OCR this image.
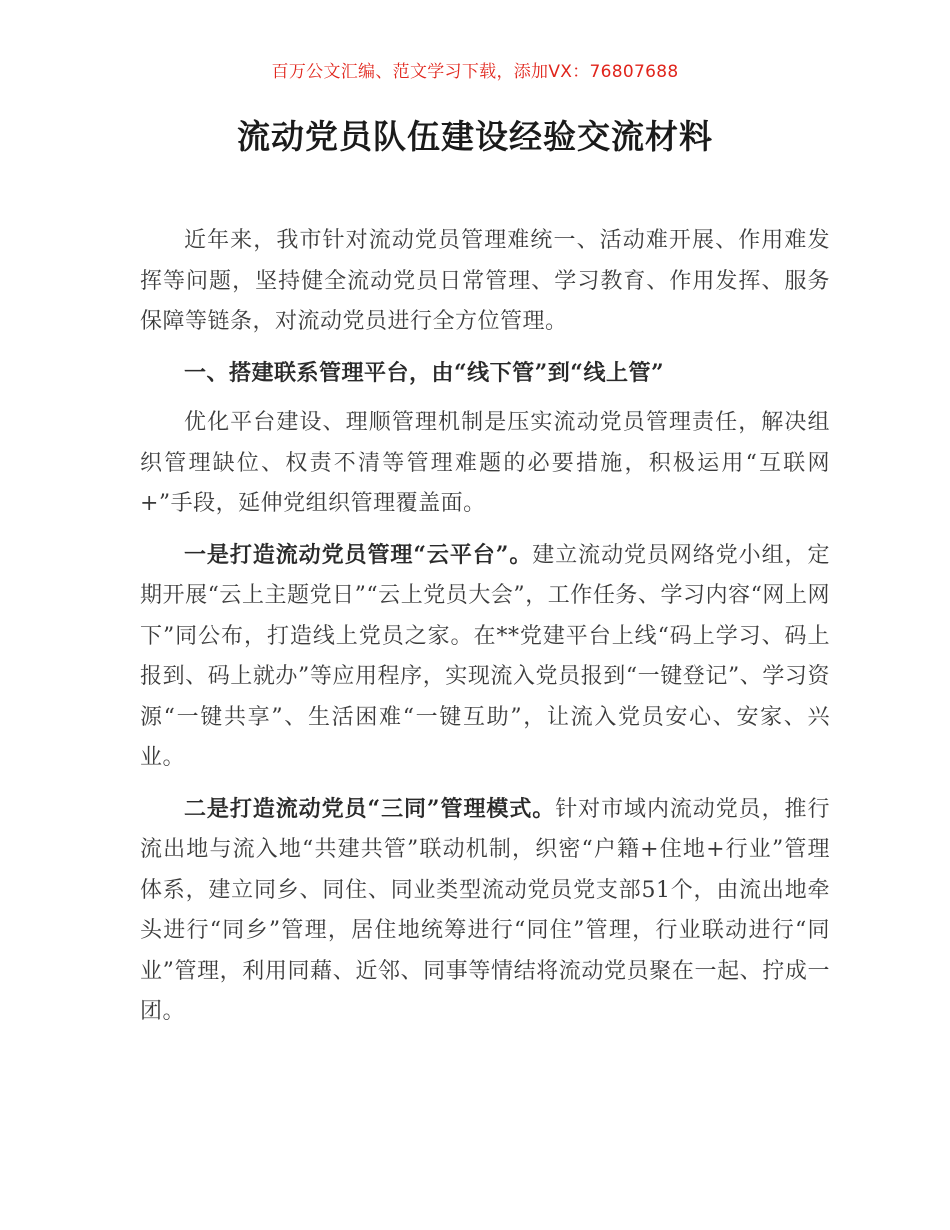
百万公文汇编、范文学习下载，添加VX：76807688
流动党员队伍建设经验交流材料

近年来，我市针对流动党员管理难统一、活动难开展、作用难发挥等问题，坚持健全流动党员日常管理、学习教育、作用发挥、服务保障等链条，对流动党员进行全方位管理。

一、搭建联系管理平台，由“线下管”到“线上管”

优化平台建设、理顺管理机制是压实流动党员管理责任，解决组织管理缺位、权责不清等管理难题的必要措施，积极运用“互联网+”手段，延伸党组织管理覆盖面。

一是打造流动党员管理“云平台”。建立流动党员网络党小组，定期开展“云上主题党日”“云上党员大会”，工作任务、学习内容“网上网下”同公布，打造线上党员之家。在**党建平台上线“码上学习、码上报到、码上就办”等应用程序，实现流入党员报到“一键登记”、学习资源“一键共享”、生活困难“一键互助”，让流入党员安心、安家、兴业。

二是打造流动党员“三同”管理模式。针对市域内流动党员，推行流出地与流入地“共建共管”联动机制，织密“户籍+住地+行业”管理体系，建立同乡、同住、同业类型流动党员党支部51个，由流出地牵头进行“同乡”管理，居住地统筹进行“同住”管理，行业联动进行“同业”管理，利用同藉、近邻、同事等情结将流动党员聚在一起、拧成一团。
